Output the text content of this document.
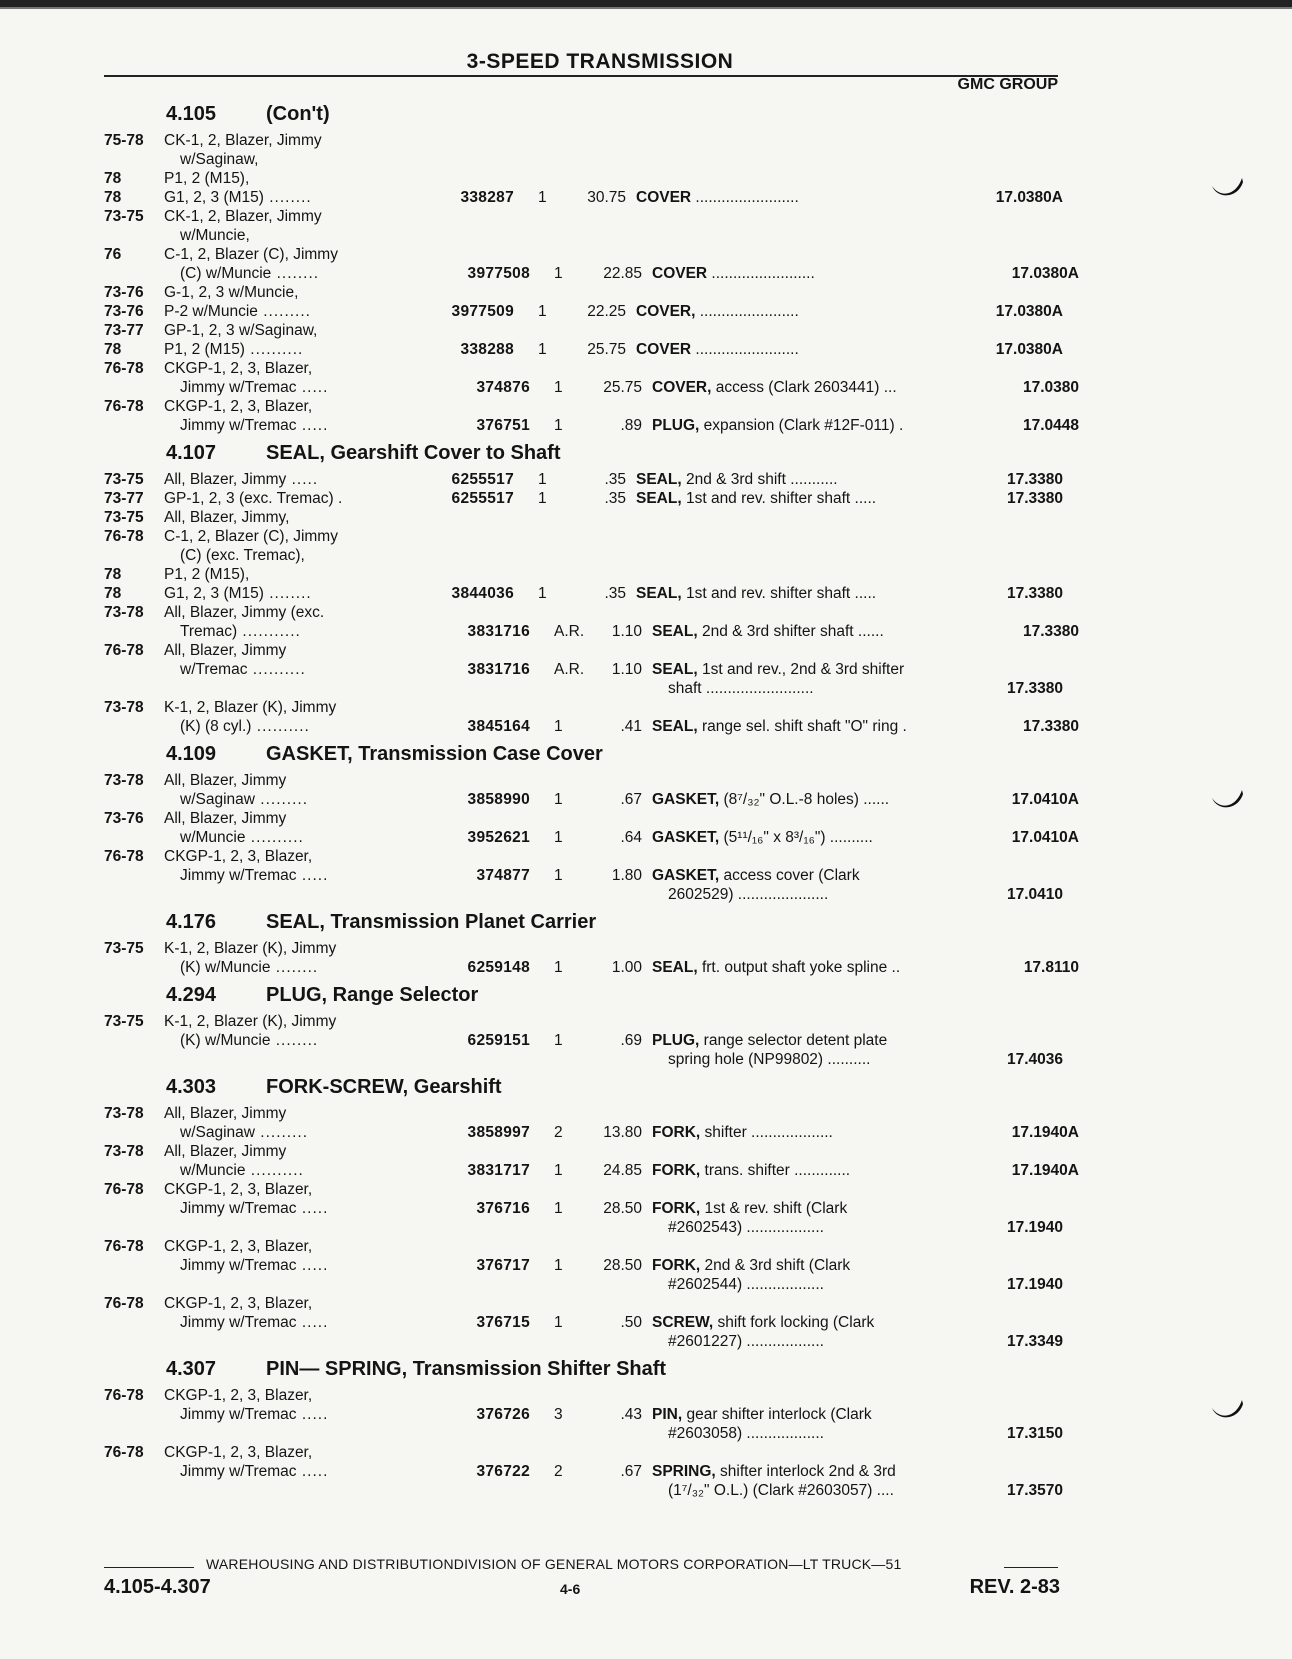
3-SPEED TRANSMISSION
GMC GROUP
4.105 (Con't)
75-78	CK-1, 2, Blazer, Jimmy
w/Saginaw,
78	P1, 2 (M15),
78	G1, 2, 3 (M15) ........	338287	1	30.75 COVER ........................	17.0380A
73-75	CK-1, 2, Blazer, Jimmy
w/Muncie,
76	C-1, 2, Blazer (C), Jimmy
(C) w/Muncie ........	3977508	1	22.85 COVER ........................	17.0380A
73-76	G-1, 2, 3 w/Muncie,
73-76	P-2 w/Muncie .........	3977509	1	22.25 COVER, .......................	17.0380A
73-77	GP-1, 2, 3 w/Saginaw,
78	P1, 2 (M15) ..........	338288	1	25.75 COVER ........................	17.0380A
76-78	CKGP-1, 2, 3, Blazer,
Jimmy w/Tremac .....	374876	1	25.75 COVER, access (Clark 2603441) ...	17.0380
76-78	CKGP-1, 2, 3, Blazer,
Jimmy w/Tremac .....	376751	1	.89 PLUG, expansion (Clark #12F-011) .	17.0448
4.107 SEAL, Gearshift Cover to Shaft
73-75	All, Blazer, Jimmy .....	6255517	1	.35 SEAL, 2nd & 3rd shift ...........	17.3380
73-77	GP-1, 2, 3 (exc. Tremac) .	6255517	1	.35 SEAL, 1st and rev. shifter shaft .....	17.3380
73-75	All, Blazer, Jimmy,
76-78	C-1, 2, Blazer (C), Jimmy
(C) (exc. Tremac),
78	P1, 2 (M15),
78	G1, 2, 3 (M15) ........	3844036	1	.35 SEAL, 1st and rev. shifter shaft .....	17.3380
73-78	All, Blazer, Jimmy (exc.
Tremac) ...........	3831716	A.R.	1.10 SEAL, 2nd & 3rd shifter shaft ......	17.3380
76-78	All, Blazer, Jimmy
w/Tremac ..........	3831716	A.R.	1.10 SEAL, 1st and rev., 2nd & 3rd shifter
shaft .........................	17.3380
73-78	K-1, 2, Blazer (K), Jimmy
(K) (8 cyl.) ..........	3845164	1	.41 SEAL, range sel. shift shaft "O" ring .	17.3380
4.109 GASKET, Transmission Case Cover
73-78	All, Blazer, Jimmy
w/Saginaw .........	3858990	1	.67 GASKET, (8⁷/₃₂" O.L.-8 holes) ......	17.0410A
73-76	All, Blazer, Jimmy
w/Muncie ..........	3952621	1	.64 GASKET, (5¹¹/₁₆" x 8³/₁₆") ..........	17.0410A
76-78	CKGP-1, 2, 3, Blazer,
Jimmy w/Tremac .....	374877	1	1.80 GASKET, access cover (Clark
2602529) .....................	17.0410
4.176 SEAL, Transmission Planet Carrier
73-75	K-1, 2, Blazer (K), Jimmy
(K) w/Muncie ........	6259148	1	1.00 SEAL, frt. output shaft yoke spline ..	17.8110
4.294 PLUG, Range Selector
73-75	K-1, 2, Blazer (K), Jimmy
(K) w/Muncie ........	6259151	1	.69 PLUG, range selector detent plate
spring hole (NP99802) ..........	17.4036
4.303 FORK-SCREW, Gearshift
73-78	All, Blazer, Jimmy
w/Saginaw .........	3858997	2	13.80 FORK, shifter ...................	17.1940A
73-78	All, Blazer, Jimmy
w/Muncie ..........	3831717	1	24.85 FORK, trans. shifter .............	17.1940A
76-78	CKGP-1, 2, 3, Blazer,
Jimmy w/Tremac .....	376716	1	28.50 FORK, 1st & rev. shift (Clark
#2602543) ..................	17.1940
76-78	CKGP-1, 2, 3, Blazer,
Jimmy w/Tremac .....	376717	1	28.50 FORK, 2nd & 3rd shift (Clark
#2602544) ..................	17.1940
76-78	CKGP-1, 2, 3, Blazer,
Jimmy w/Tremac .....	376715	1	.50 SCREW, shift fork locking (Clark
#2601227) ..................	17.3349
4.307 PIN— SPRING, Transmission Shifter Shaft
76-78	CKGP-1, 2, 3, Blazer,
Jimmy w/Tremac .....	376726	3	.43 PIN, gear shifter interlock (Clark
#2603058) ..................	17.3150
76-78	CKGP-1, 2, 3, Blazer,
Jimmy w/Tremac .....	376722	2	.67 SPRING, shifter interlock 2nd & 3rd
(1⁷/₃₂" O.L.) (Clark #2603057) ....	17.3570
WAREHOUSING AND DISTRIBUTIONDIVISION OF GENERAL MOTORS CORPORATION—LT TRUCK—51
4.105-4.307	4-6	REV. 2-83
